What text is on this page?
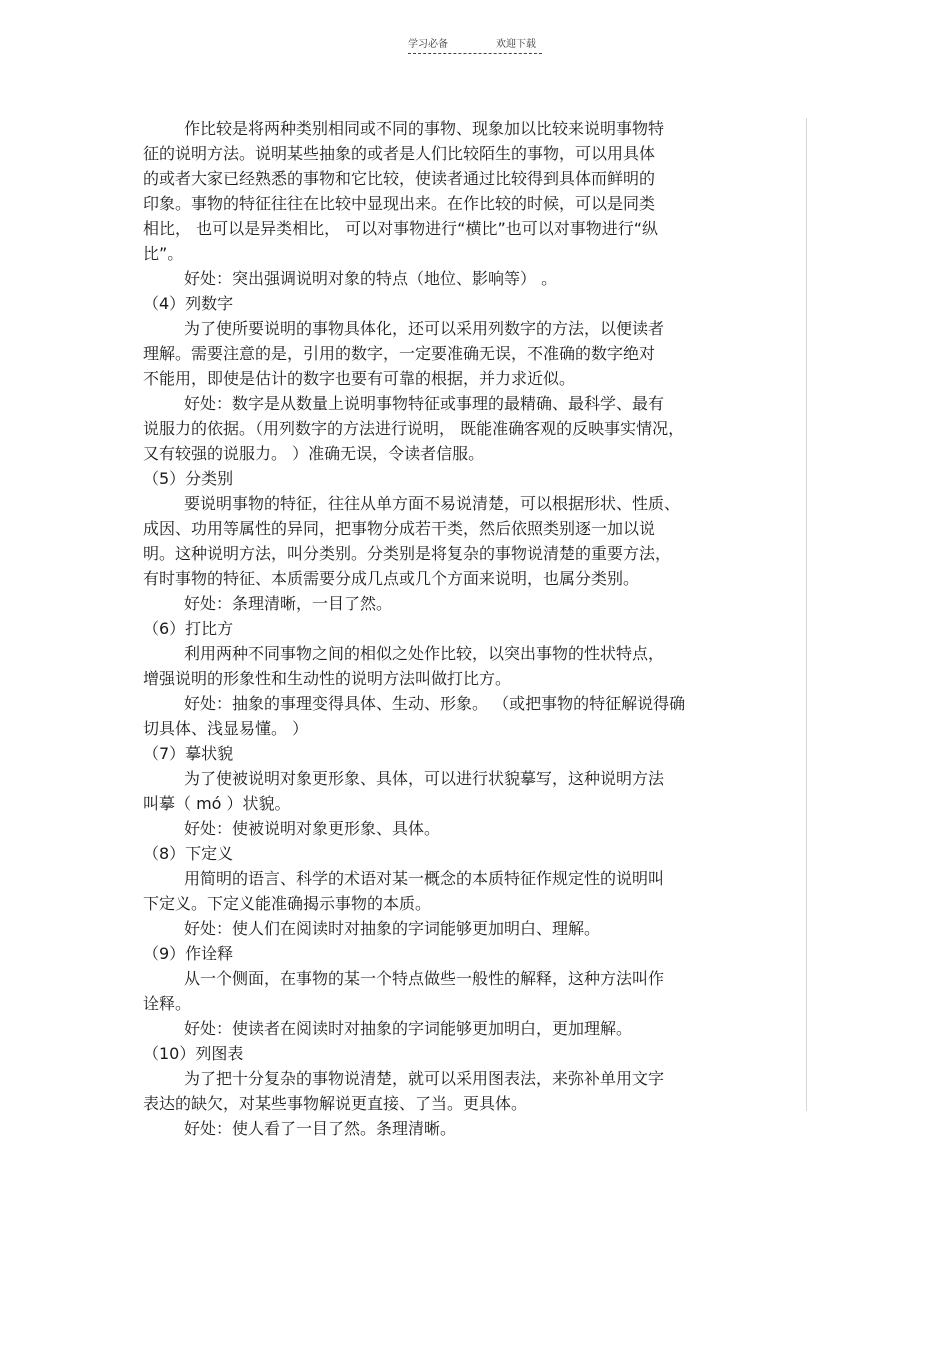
学习必备	欢迎下载
作比较是将两种类别相同或不同的事物、现象加以比较来说明事物特
征的说明方法。说明某些抽象的或者是人们比较陌生的事物，可以用具体
的或者大家已经熟悉的事物和它比较，使读者通过比较得到具体而鲜明的
印象。事物的特征往往在比较中显现出来。在作比较的时候，可以是同类
相比， 也可以是异类相比， 可以对事物进行“横比”也可以对事物进行“纵
比”。
好处：突出强调说明对象的特点（地位、影响等） 。
（4）列数字
为了使所要说明的事物具体化，还可以采用列数字的方法，以便读者
理解。需要注意的是，引用的数字，一定要准确无误，不准确的数字绝对
不能用，即使是估计的数字也要有可靠的根据，并力求近似。
好处：数字是从数量上说明事物特征或事理的最精确、最科学、最有
说服力的依据。（用列数字的方法进行说明， 既能准确客观的反映事实情况，
又有较强的说服力。 ）准确无误，令读者信服。
（5）分类别
要说明事物的特征，往往从单方面不易说清楚，可以根据形状、性质、
成因、功用等属性的异同，把事物分成若干类，然后依照类别逐一加以说
明。这种说明方法，叫分类别。分类别是将复杂的事物说清楚的重要方法，
有时事物的特征、本质需要分成几点或几个方面来说明，也属分类别。
好处：条理清晰，一目了然。
（6）打比方
利用两种不同事物之间的相似之处作比较，以突出事物的性状特点，
增强说明的形象性和生动性的说明方法叫做打比方。
好处：抽象的事理变得具体、生动、形象。 （或把事物的特征解说得确
切具体、浅显易懂。 ）
（7）摹状貌
为了使被说明对象更形象、具体，可以进行状貌摹写，这种说明方法
叫摹（ mó ）状貌。
好处：使被说明对象更形象、具体。
（8）下定义
用简明的语言、科学的术语对某一概念的本质特征作规定性的说明叫
下定义。下定义能准确揭示事物的本质。
好处：使人们在阅读时对抽象的字词能够更加明白、理解。
（9）作诠释
从一个侧面，在事物的某一个特点做些一般性的解释，这种方法叫作
诠释。
好处：使读者在阅读时对抽象的字词能够更加明白，更加理解。
（10）列图表
为了把十分复杂的事物说清楚，就可以采用图表法，来弥补单用文字
表达的缺欠，对某些事物解说更直接、了当。更具体。
好处：使人看了一目了然。条理清晰。
